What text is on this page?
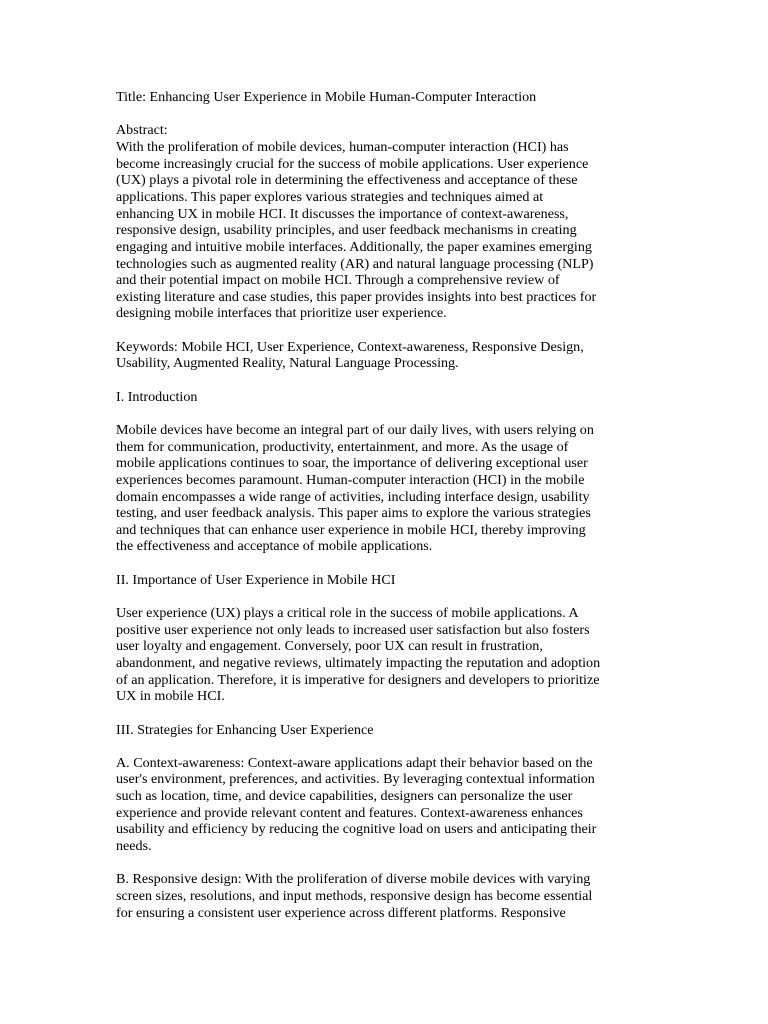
Title: Enhancing User Experience in Mobile Human-Computer Interaction

Abstract:

With the proliferation of mobile devices, human-computer interaction (HCI) has
become increasingly crucial for the success of mobile applications. User experience
(UX) plays a pivotal role in determining the effectiveness and acceptance of these
applications. This paper explores various strategies and techniques aimed at
enhancing UX in mobile HCI. It discusses the importance of context-awareness,
responsive design, usability principles, and user feedback mechanisms in creating
engaging and intuitive mobile interfaces. Additionally, the paper examines emerging
technologies such as augmented reality (AR) and natural language processing (NLP)
and their potential impact on mobile HCI. Through a comprehensive review of
existing literature and case studies, this paper provides insights into best practices for
designing mobile interfaces that prioritize user experience.

Keywords: Mobile HCI, User Experience, Context-awareness, Responsive Design,
Usability, Augmented Reality, Natural Language Processing.

I. Introduction

Mobile devices have become an integral part of our daily lives, with users relying on
them for communication, productivity, entertainment, and more. As the usage of
mobile applications continues to soar, the importance of delivering exceptional user
experiences becomes paramount. Human-computer interaction (HCI) in the mobile
domain encompasses a wide range of activities, including interface design, usability
testing, and user feedback analysis. This paper aims to explore the various strategies
and techniques that can enhance user experience in mobile HCI, thereby improving
the effectiveness and acceptance of mobile applications.

II. Importance of User Experience in Mobile HCI

User experience (UX) plays a critical role in the success of mobile applications. A
positive user experience not only leads to increased user satisfaction but also fosters
user loyalty and engagement. Conversely, poor UX can result in frustration,
abandonment, and negative reviews, ultimately impacting the reputation and adoption
of an application. Therefore, it is imperative for designers and developers to prioritize
UX in mobile HCI.

III. Strategies for Enhancing User Experience

A. Context-awareness: Context-aware applications adapt their behavior based on the
user's environment, preferences, and activities. By leveraging contextual information
such as location, time, and device capabilities, designers can personalize the user
experience and provide relevant content and features. Context-awareness enhances
usability and efficiency by reducing the cognitive load on users and anticipating their
needs.

B. Responsive design: With the proliferation of diverse mobile devices with varying
screen sizes, resolutions, and input methods, responsive design has become essential
for ensuring a consistent user experience across different platforms. Responsive
